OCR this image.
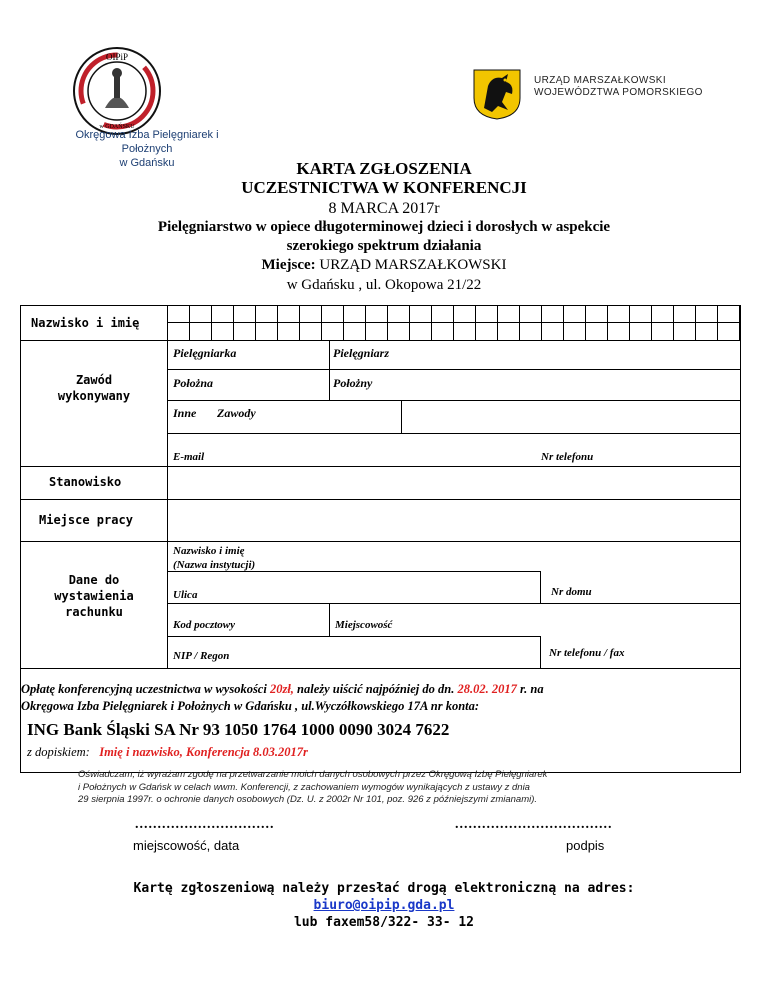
OIPiP
w GDAŃSKU
Okręgowa Izba Pielęgniarek i Położnych
w Gdańsku
URZĄD MARSZAŁKOWSKI
WOJEWÓDZTWA POMORSKIEGO
KARTA ZGŁOSZENIA
UCZESTNICTWA W KONFERENCJI
8 MARCA 2017r
Pielęgniarstwo w opiece długoterminowej dzieci i dorosłych w aspekcie
szerokiego spektrum działania
Miejsce: URZĄD MARSZAŁKOWSKI
w Gdańsku , ul. Okopowa 21/22
Nazwisko i imię
Zawód
wykonywany
Pielęgniarka	Pielęgniarz
Położna	Położny
Inne Zawody
E-mail	Nr telefonu
Stanowisko
Miejsce pracy
Dane do
wystawienia
rachunku
Nazwisko i imię
(Nazwa instytucji)
Ulica	Nr domu
Kod pocztowy	Miejscowość
NIP / Regon	Nr telefonu / fax
Opłatę konferencyjną uczestnictwa w wysokości 20zł, należy uiścić najpóźniej do dn. 28.02. 2017 r. na
Okręgowa Izba Pielęgniarek i Położnych w Gdańsku , ul.Wyczółkowskiego 17A nr konta:
ING Bank Śląski SA Nr 93 1050 1764 1000 0090 3024 7622
z dopiskiem: Imię i nazwisko, Konferencja 8.03.2017r
Oświadczam, iż wyrażam zgodę na przetwarzanie moich danych osobowych przez Okręgową Izbę Pielęgniarek
i Położnych w Gdańsk w celach wwm. Konferencji, z zachowaniem wymogów wynikających z ustawy z dnia
29 sierpnia 1997r. o ochronie danych osobowych (Dz. U. z 2002r Nr 101, poz. 926 z późniejszymi zmianami).
...............................	...................................
miejscowość, data	podpis
Kartę zgłoszeniową należy przesłać drogą elektroniczną na adres:
biuro@oipip.gda.pl
lub faxem58/322- 33- 12
